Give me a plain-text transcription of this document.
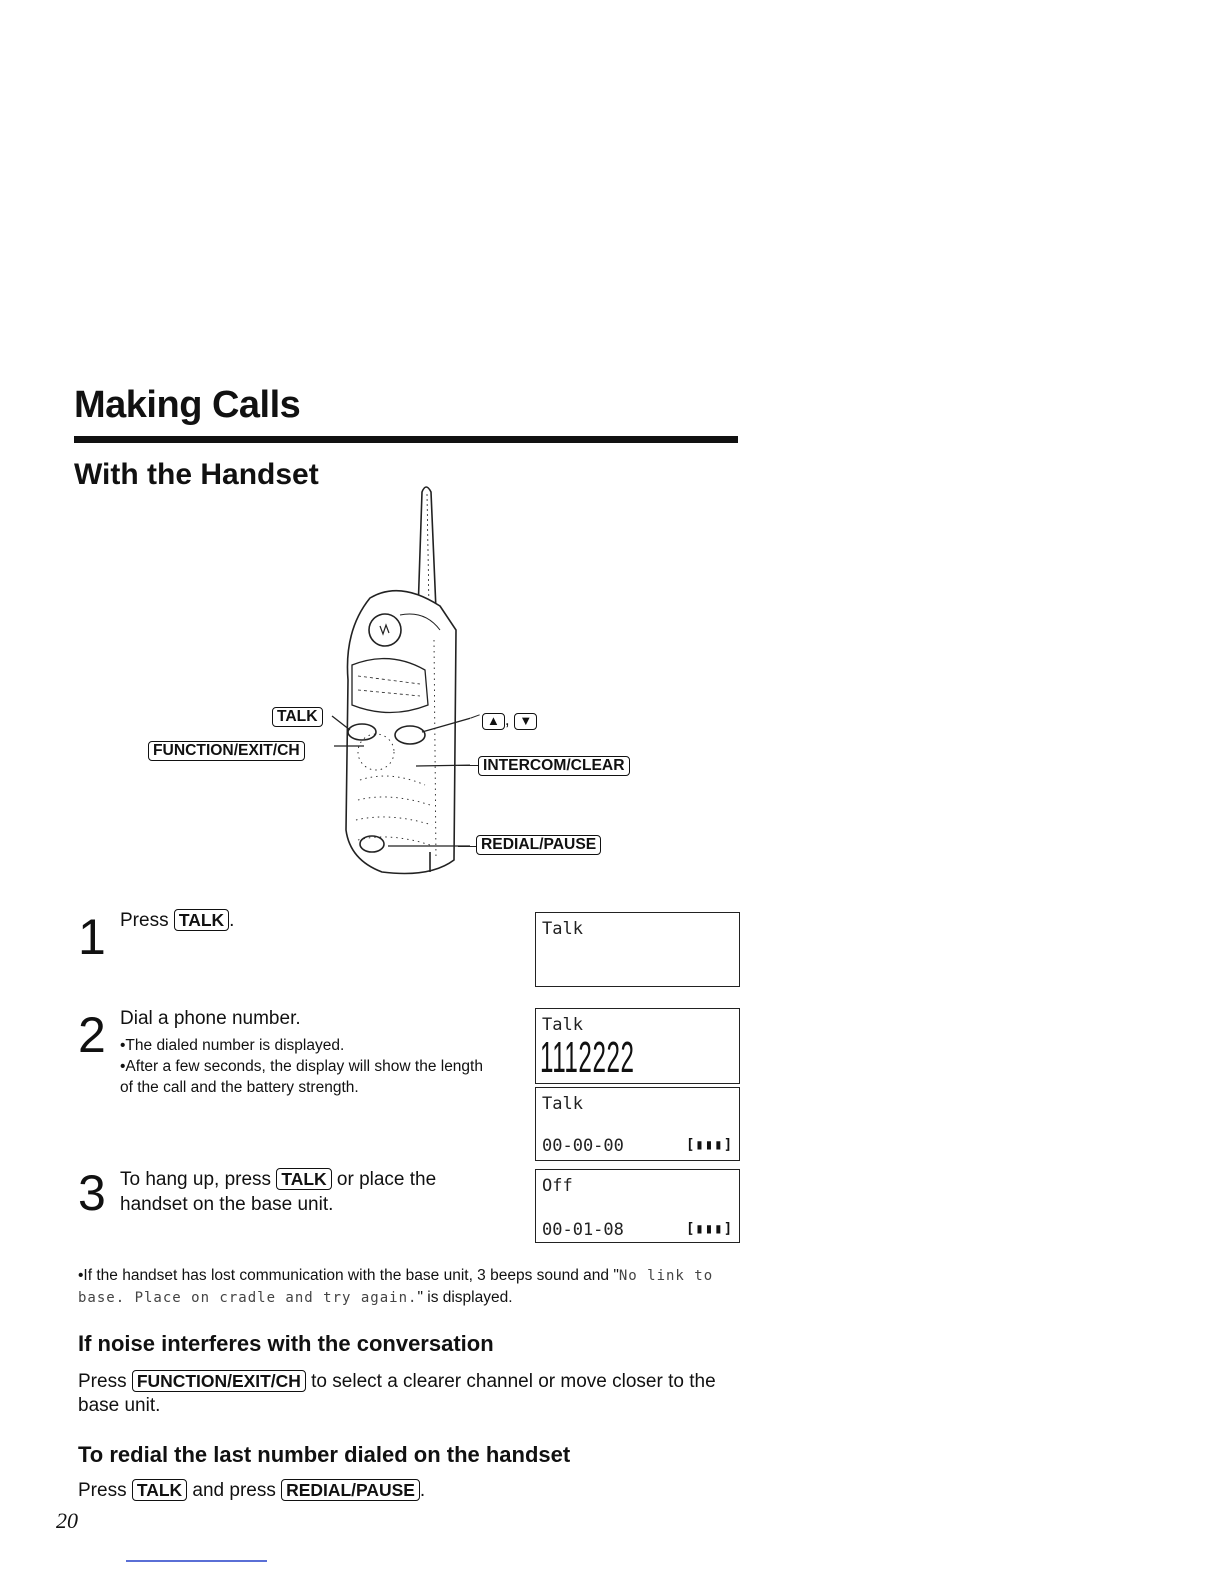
Making Calls
With the Handset
TALK
FUNCTION/EXIT/CH
▲ , ▼
INTERCOM/CLEAR
REDIAL/PAUSE
1 Press TALK .
2 Dial a phone number.
•The dialed number is displayed.
•After a few seconds, the display will show the length of the call and the battery strength.
3 To hang up, press TALK or place the handset on the base unit.
Talk
Talk
1112222
Talk
00-00-00	[▮▮▮]
Off
00-01-08	[▮▮▮]
•If the handset has lost communication with the base unit, 3 beeps sound and "No link to base. Place on cradle and try again." is displayed.
If noise interferes with the conversation
Press FUNCTION/EXIT/CH to select a clearer channel or move closer to the base unit.
To redial the last number dialed on the handset
Press TALK and press REDIAL/PAUSE .
20
